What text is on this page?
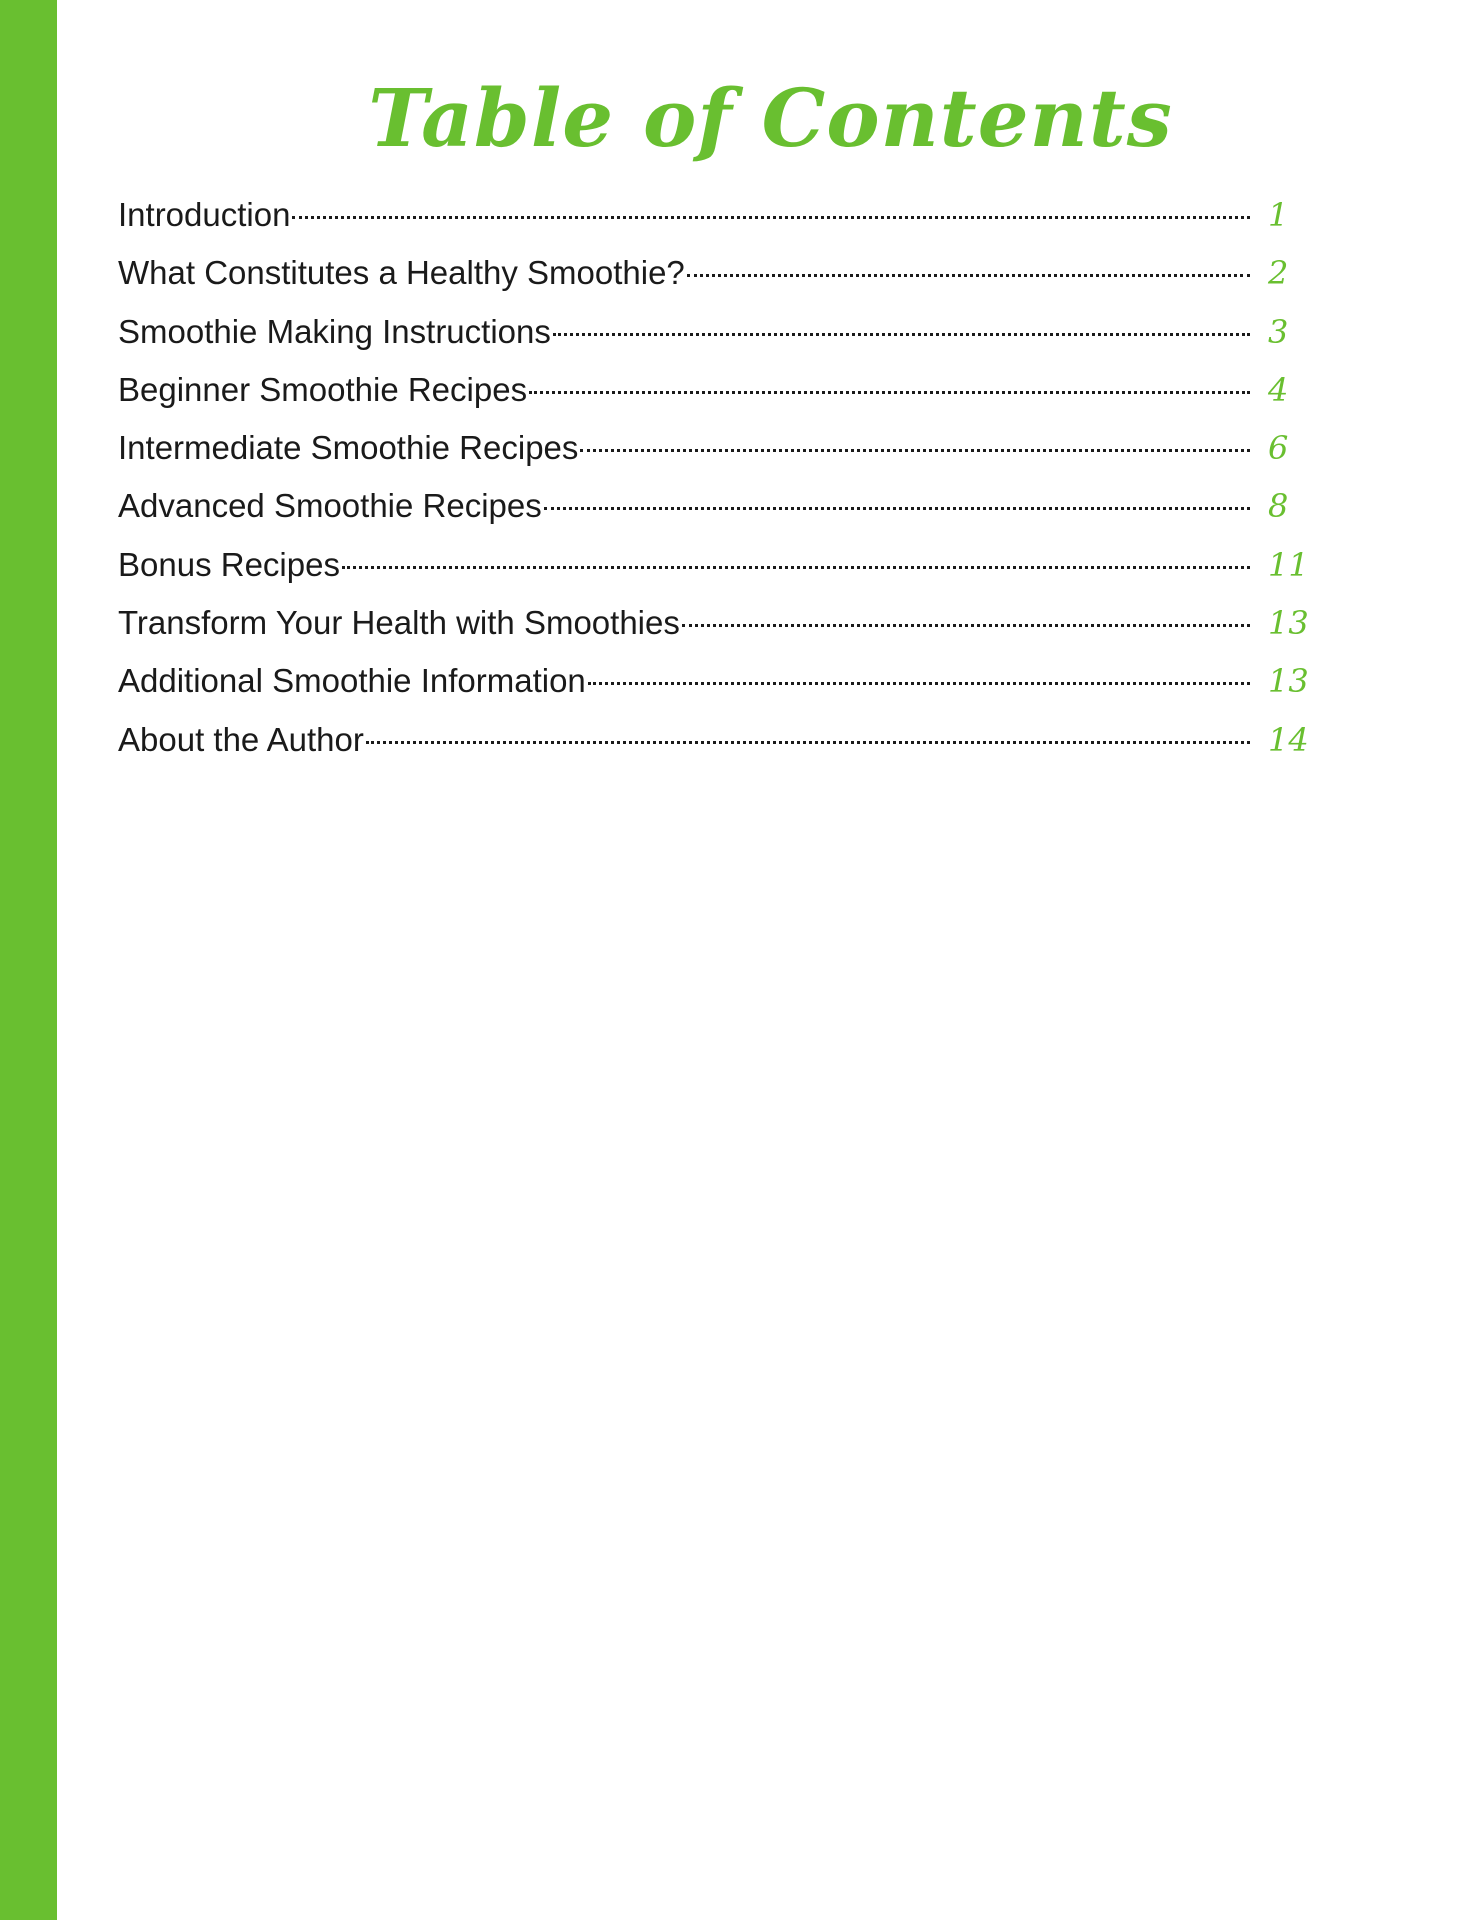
Table of Contents
Introduction	1
What Constitutes a Healthy Smoothie?	2
Smoothie Making Instructions	3
Beginner Smoothie Recipes	4
Intermediate Smoothie Recipes	6
Advanced Smoothie Recipes	8
Bonus Recipes	11
Transform Your Health with Smoothies	13
Additional Smoothie Information	13
About the Author	14
